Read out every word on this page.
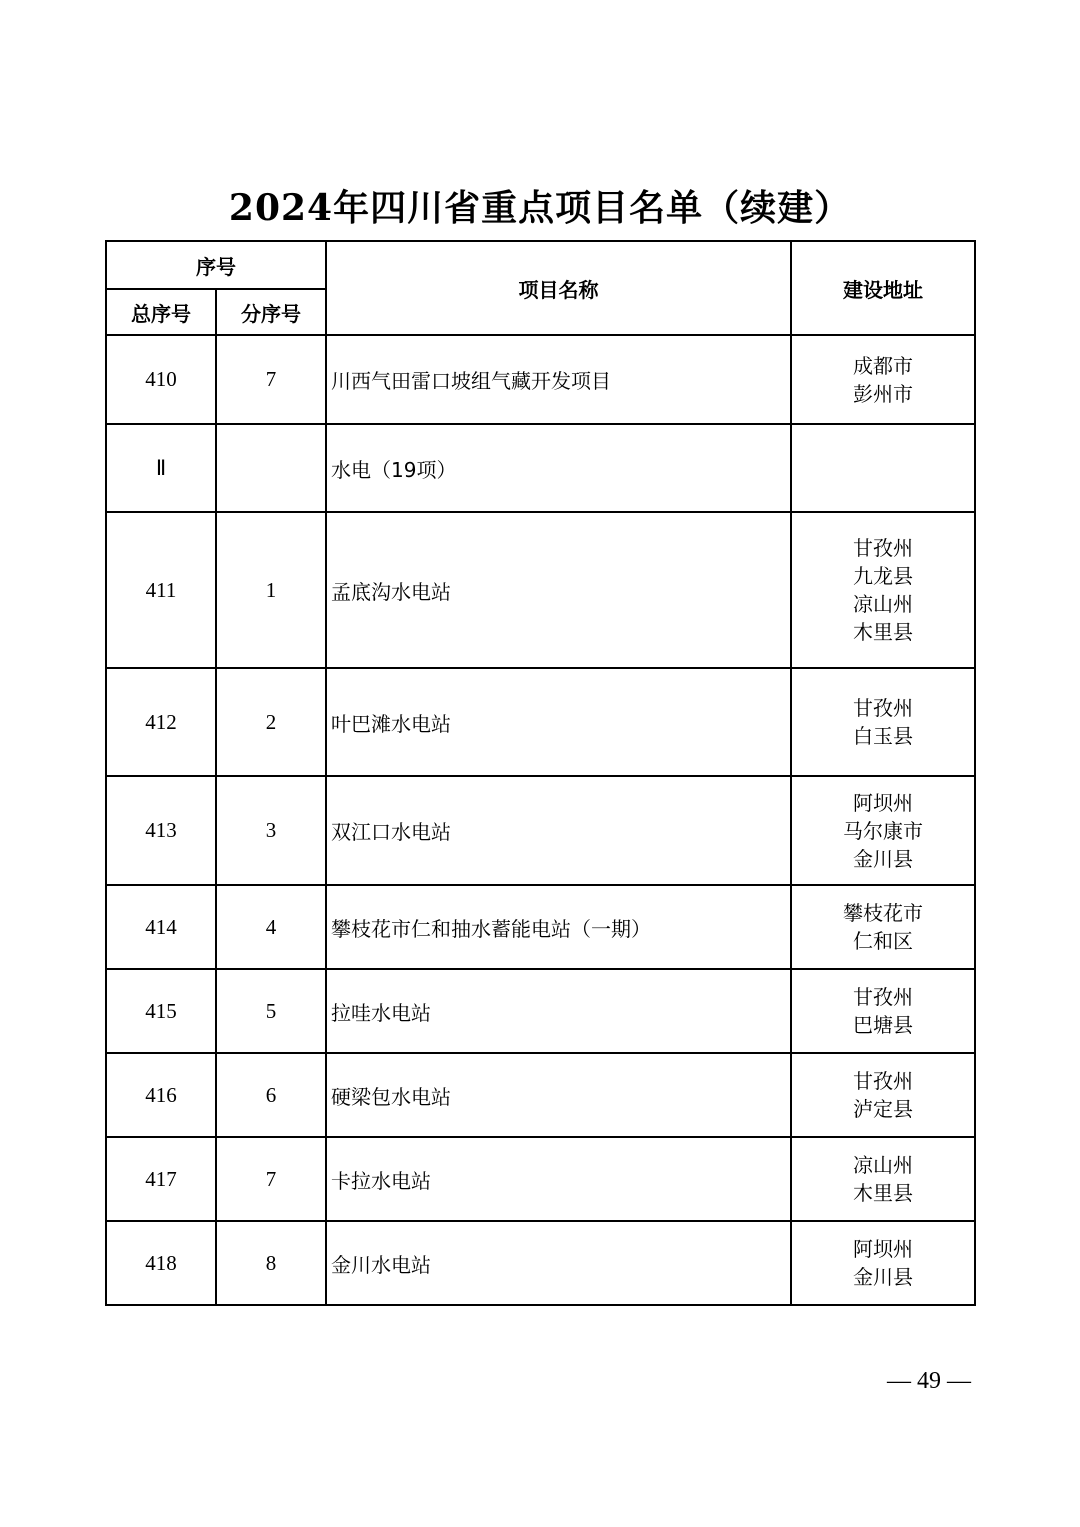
2024年四川省重点项目名单（续建）
序号		项目名称	建设地址
总序号	分序号		
410	7	川西气田雷口坡组气藏开发项目	成都市
彭州市

Ⅱ		水电（19项）	
411	1	孟底沟水电站	甘孜州
九龙县
凉山州
木里县

412	2	叶巴滩水电站	甘孜州
白玉县

413	3	双江口水电站	阿坝州
马尔康市
金川县

414	4	攀枝花市仁和抽水蓄能电站（一期）	攀枝花市
仁和区

415	5	拉哇水电站	甘孜州
巴塘县

416	6	硬梁包水电站	甘孜州
泸定县

417	7	卡拉水电站	凉山州
木里县

418	8	金川水电站	阿坝州
金川县
— 49 —
